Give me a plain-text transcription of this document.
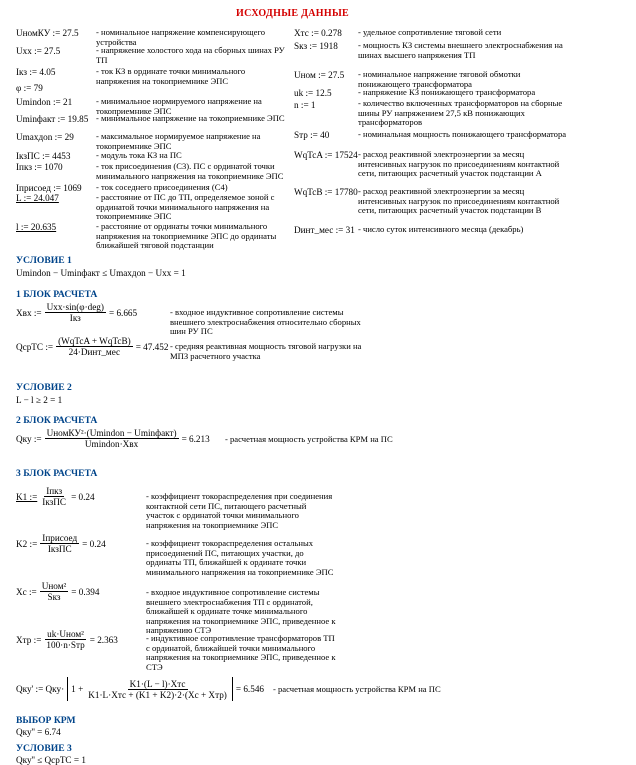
ИСХОДНЫЕ ДАННЫЕ
UномКУ := 27.5 - номинальное напряжение компенсирующего устройства
Uxx := 27.5	- напряжение холостого хода на сборных шинах РУ ТП
Iкз := 4.05	- ток КЗ в ординате точки минимального напряжения на токоприемнике ЭПС
φ := 79
Umindon := 21	- минимальное нормируемого напряжение на токоприемнике ЭПС
Uminфакт := 19.85 - минимальное напряжение на токоприемнике ЭПС
Umaxдon := 29	- максимальное нормируемое напряжение на токоприемнике ЭПС
IкзПС := 4453	- модуль тока КЗ на ПС
Iпкз := 1070	- ток присоединения (С3). ПС с ординатой точки минимального напряжения на токоприемнике ЭПС
Iприсоед := 1069 - ток соседнего присоединения (С4)
L := 24.047	- расстояние от ПС до ТП, определяемое зоной с ординатой точки минимального напряжения на токоприемнике ЭПС
l := 20.635	- расстояние от ординаты точки минимального напряжения на токоприемнике ЭПС до ординаты ближайшей тяговой подстанции
Xтс := 0.278 - удельное сопротивление тяговой сети
Sкз := 1918 - мощность КЗ системы внешнего электроснабжения на шинах высшего напряжения ТП
Uном := 27.5 - номинальное напряжение тяговой обмотки понижающего трансформатора
uk := 12.5	- напряжение КЗ понижающего трансформатора
n := 1	- количество включенных трансформаторов на сборные шины РУ напряжением 27,5 кВ понижающих трансформаторов
Sтр := 40	- номинальная мощность понижающего трансформатора
WqTcA := 17524 - расход реактивной электроэнергии за месяц интенсивных нагрузок по присоединениям контактной сети, питающих расчетный участок подстанции А
WqTcB := 17780 - расход реактивной электроэнергии за месяц интенсивных нагрузок по присоединениям контактной сети, питающих расчетный участок подстанции В
Dинт_мес := 31 - число суток интенсивного месяца (декабрь)
УСЛОВИЕ 1
Umindon − Uminфакт ≤ Umaxдon − Uxx = 1
1 БЛОК РАСЧЕТА
Xвх := $\frac{\text{Uxx·sin(φ·deg)}}{\text{Iкз}} = 6.665$	- входное индуктивное сопротивление системы внешнего электроснабжения относительно сборных шин РУ ПС
QcpTC := $\frac{\text{(WqTcA + WqTcB)}}{\text{24·Dинт\_мес}} = 47.452$ - средняя реактивная мощность тяговой нагрузки на МПЗ расчетного участка
УСЛОВИЕ 2
L − l ≥ 2 = 1
2 БЛОК РАСЧЕТА
Qку := $\frac{\text{UномКУ²·(Umindon − Uminфакт)}}{\text{Umindon·Xвх}} = 6.213$ - расчетная мощность устройства КРМ на ПС
3 БЛОК РАСЧЕТА
K1 := $\frac{\text{Iпкз}}{\text{IкзПС}} = 0.24$	- коэффициент токораспределения при соединения контактной сети ПС, питающего расчетный участок с ординатой точки минимального напряжения на токоприемнике ЭПС
K2 := $\frac{\text{Iприсоед}}{\text{IкзПС}} = 0.24$	- коэффициент токораспределения остальных присоединений ПС, питающих участки, до ординаты ТП, ближайшей к ординате точки минимального напряжения на токоприемнике ЭПС
Xc := $\frac{\text{Uном²}}{\text{Sкз}} = 0.394$	- входное индуктивное сопротивление системы внешнего электроснабжения ТП с ординатой, ближайшей к ординате точке минимального напряжения на токоприемнике ЭПС, приведенное к напряжению СТЭ
Xтр := $\frac{\text{uk·Uном²}}{\text{100·n·Sтр}} = 2.363$	- индуктивное сопротивление трансформаторов ТП с ординатой, ближайшей точки минимального напряжения на токоприемнике ЭПС, приведенное к СТЭ
Qку' := $Qку\cdot 1 + \frac{\text{K1·(L − l)·Xтс}}{\text{K1·L·Xтс + (K1 + K2)·2·(Xc + Xтр)}} = 6.546$ - расчетная мощность устройства КРМ на ПС
ВЫБОР КРМ
Qку'' = 6.74
УСЛОВИЕ 3
Qку'' ≤ QcpTC = 1
